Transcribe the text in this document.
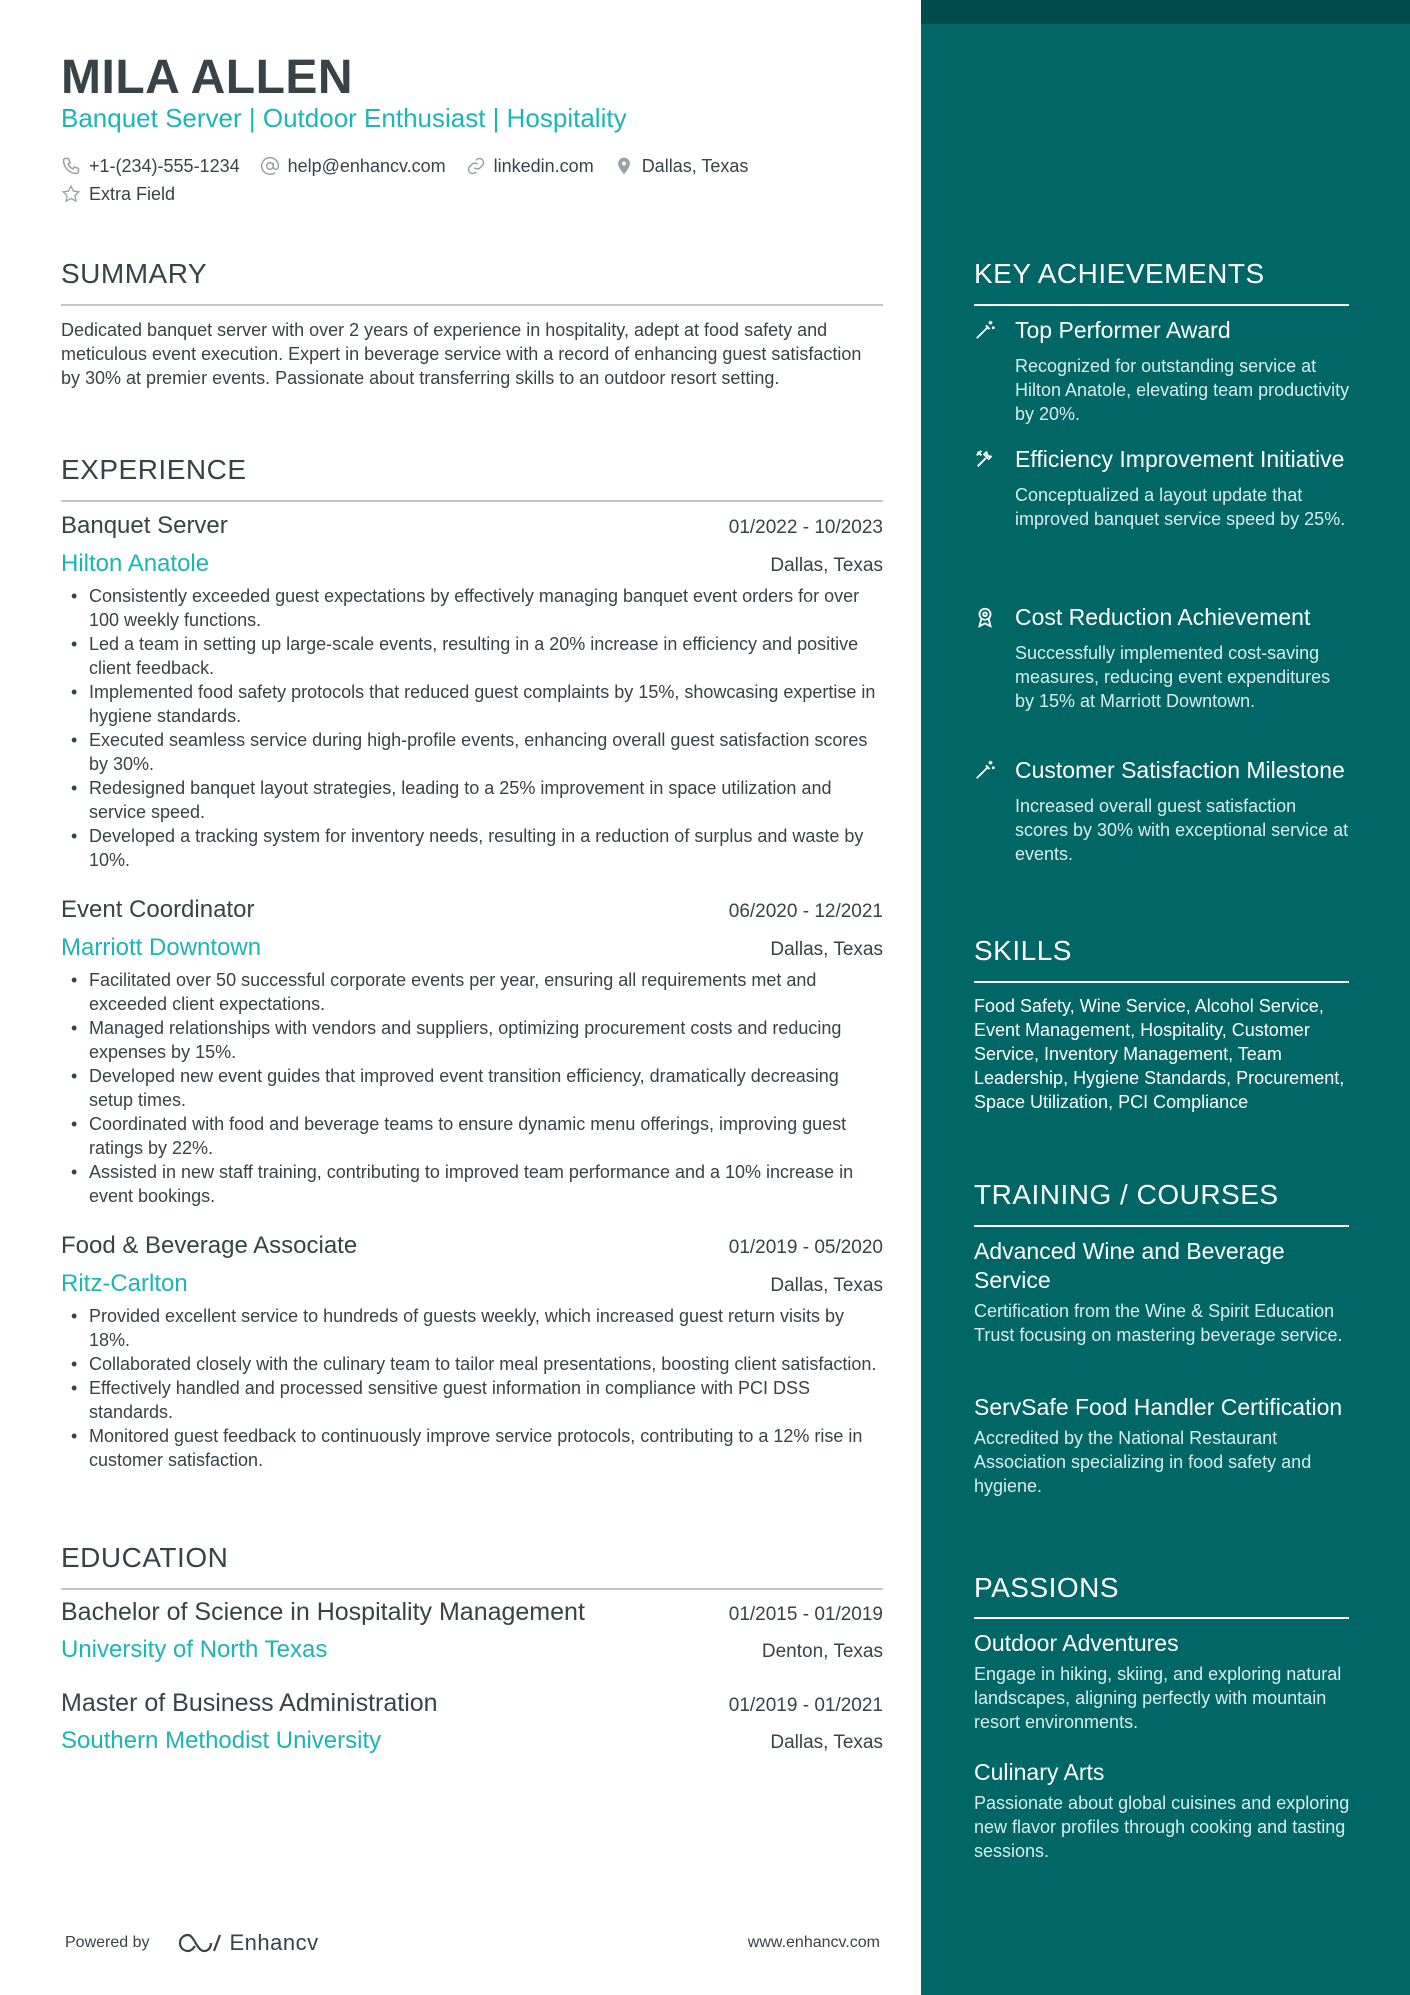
MILA ALLEN
Banquet Server | Outdoor Enthusiast | Hospitality
+1-(234)-555-1234	help@enhancv.com	linkedin.com	Dallas, Texas
Extra Field
SUMMARY
Dedicated banquet server with over 2 years of experience in hospitality, adept at food safety and meticulous event execution. Expert in beverage service with a record of enhancing guest satisfaction by 30% at premier events. Passionate about transferring skills to an outdoor resort setting.
EXPERIENCE
Banquet Server	01/2022 - 10/2023
Hilton Anatole	Dallas, Texas
• Consistently exceeded guest expectations by effectively managing banquet event orders for over 100 weekly functions.
• Led a team in setting up large-scale events, resulting in a 20% increase in efficiency and positive client feedback.
• Implemented food safety protocols that reduced guest complaints by 15%, showcasing expertise in hygiene standards.
• Executed seamless service during high-profile events, enhancing overall guest satisfaction scores by 30%.
• Redesigned banquet layout strategies, leading to a 25% improvement in space utilization and service speed.
• Developed a tracking system for inventory needs, resulting in a reduction of surplus and waste by 10%.
Event Coordinator	06/2020 - 12/2021
Marriott Downtown	Dallas, Texas
• Facilitated over 50 successful corporate events per year, ensuring all requirements met and exceeded client expectations.
• Managed relationships with vendors and suppliers, optimizing procurement costs and reducing expenses by 15%.
• Developed new event guides that improved event transition efficiency, dramatically decreasing setup times.
• Coordinated with food and beverage teams to ensure dynamic menu offerings, improving guest ratings by 22%.
• Assisted in new staff training, contributing to improved team performance and a 10% increase in event bookings.
Food & Beverage Associate	01/2019 - 05/2020
Ritz-Carlton	Dallas, Texas
• Provided excellent service to hundreds of guests weekly, which increased guest return visits by 18%.
• Collaborated closely with the culinary team to tailor meal presentations, boosting client satisfaction.
• Effectively handled and processed sensitive guest information in compliance with PCI DSS standards.
• Monitored guest feedback to continuously improve service protocols, contributing to a 12% rise in customer satisfaction.
EDUCATION
Bachelor of Science in Hospitality Management	01/2015 - 01/2019
University of North Texas	Denton, Texas
Master of Business Administration	01/2019 - 01/2021
Southern Methodist University	Dallas, Texas
Powered by	Enhancv	www.enhancv.com
KEY ACHIEVEMENTS
Top Performer Award
Recognized for outstanding service at Hilton Anatole, elevating team productivity by 20%.
Efficiency Improvement Initiative
Conceptualized a layout update that improved banquet service speed by 25%.
Cost Reduction Achievement
Successfully implemented cost-saving measures, reducing event expenditures by 15% at Marriott Downtown.
Customer Satisfaction Milestone
Increased overall guest satisfaction scores by 30% with exceptional service at events.
SKILLS
Food Safety, Wine Service, Alcohol Service, Event Management, Hospitality, Customer Service, Inventory Management, Team Leadership, Hygiene Standards, Procurement, Space Utilization, PCI Compliance
TRAINING / COURSES
Advanced Wine and Beverage Service
Certification from the Wine & Spirit Education Trust focusing on mastering beverage service.
ServSafe Food Handler Certification
Accredited by the National Restaurant Association specializing in food safety and hygiene.
PASSIONS
Outdoor Adventures
Engage in hiking, skiing, and exploring natural landscapes, aligning perfectly with mountain resort environments.
Culinary Arts
Passionate about global cuisines and exploring new flavor profiles through cooking and tasting sessions.
